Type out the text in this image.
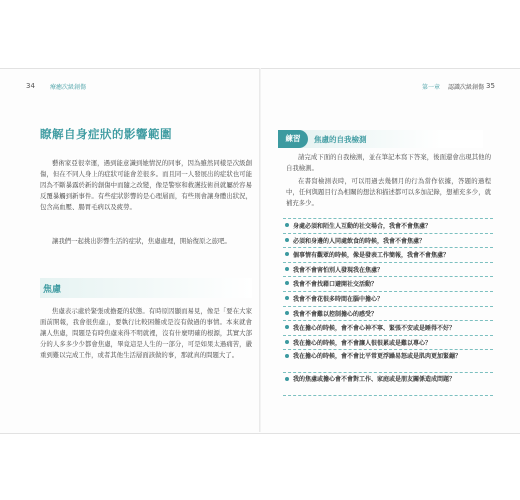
34	療癒次級創傷	第一章 認識次級創傷 35
瞭解自身症狀的影響範圍

藝術家亞很幸運，遇到能意識到她情況的同事，因為雖然同樣是次級創傷，但在不同人身上的症狀可能會差很多。而且同一人發展出的症狀也可能因為不斷暴露於新的創傷中而隨之改變，像是警察和救護技術員就屬於容易反覆暴觸到新事件。有些症狀影響的是心理層面，有些則會讓身體出狀況，包含高血壓、腸胃毛病以及疲勞。

讓我們一起挑出影響生活的症狀，焦慮處理，開始復原之旅吧。

焦慮

焦慮表示處於緊張或擔憂的狀態。有時原因顯而易見，像是「要在大家面前開報，我會很焦慮」，要執行比較困難或是沒有做過的事情。本來就會讓人焦慮，問題是有時焦慮來得不明就裡，沒有什麼明確的根源，其實大部分的人多多少少都會焦慮，畢竟這是人生的一部分，可是如果太過痛苦，嚴重到難以完成工作，或者其他生活層面該做的事，那就真的問題大了。

練習	焦慮的自我檢測

請完成下面的自我檢測，並在筆記本寫下答案，後面還會出現其他的自我檢測。

在書寫檢測表時，可以用過去幾個月的行為當作依據，答題的過程中，任何與題目行為相關的想法和描述都可以多加記錄，想補充多少，就補充多少。

身處必須和陌生人互動的社交場合，我會不會焦慮？
必須和身邊的人同處飲食的時候，我會不會焦慮？
個事情有觀眾的時候，像是發表工作簡報，我會不會焦慮？
我會不會害怕別人發現我在焦慮？
我會不會找藉口避開社交活動？
我會不會花很多時間在腦中擔心？
我會不會難以控制擔心的感受？
我在擔心的時候，會不會心神不寧、緊張不安或是睡得不好？
我在擔心的時候，會不會讓人很很累或是難以專心？
我在擔心的時候，會不會比平常更浮躁易怒或是肌肉更加緊繃？
我的焦慮或擔心會不會對工作、家庭或是朋友關係造成問題？
